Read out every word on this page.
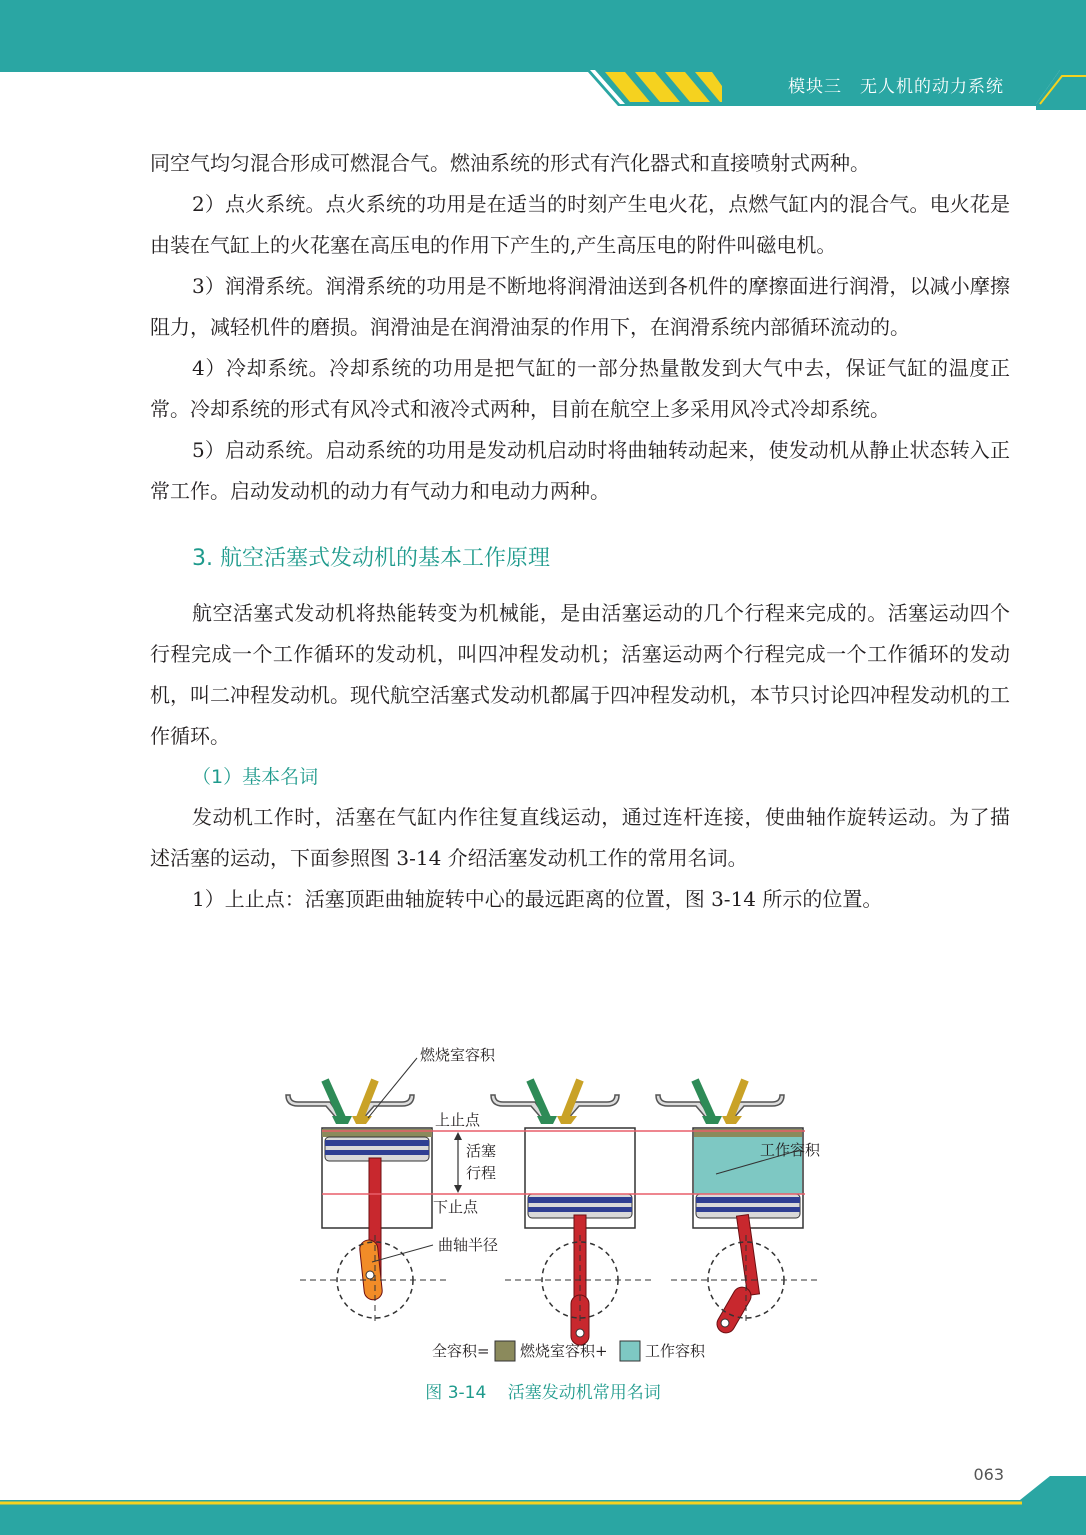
模块三　无人机的动力系统

同空气均匀混合形成可燃混合气。燃油系统的形式有汽化器式和直接喷射式两种。

2）点火系统。点火系统的功用是在适当的时刻产生电火花，点燃气缸内的混合气。电火花是由装在气缸上的火花塞在高压电的作用下产生的,产生高压电的附件叫磁电机。

3）润滑系统。润滑系统的功用是不断地将润滑油送到各机件的摩擦面进行润滑，以减小摩擦阻力，减轻机件的磨损。润滑油是在润滑油泵的作用下，在润滑系统内部循环流动的。

4）冷却系统。冷却系统的功用是把气缸的一部分热量散发到大气中去，保证气缸的温度正常。冷却系统的形式有风冷式和液冷式两种，目前在航空上多采用风冷式冷却系统。

5）启动系统。启动系统的功用是发动机启动时将曲轴转动起来，使发动机从静止状态转入正常工作。启动发动机的动力有气动力和电动力两种。

3. 航空活塞式发动机的基本工作原理

航空活塞式发动机将热能转变为机械能，是由活塞运动的几个行程来完成的。活塞运动四个行程完成一个工作循环的发动机，叫四冲程发动机；活塞运动两个行程完成一个工作循环的发动机，叫二冲程发动机。现代航空活塞式发动机都属于四冲程发动机，本节只讨论四冲程发动机的工作循环。

（1）基本名词

发动机工作时，活塞在气缸内作往复直线运动，通过连杆连接，使曲轴作旋转运动。为了描述活塞的运动，下面参照图 3-14 介绍活塞发动机工作的常用名词。

1）上止点：活塞顶距曲轴旋转中心的最远距离的位置，图 3-14 所示的位置。

燃烧室容积
上止点
活塞
行程
下止点
曲轴半径
工作容积
全容积= 燃烧室容积+ 工作容积
图 3-14 活塞发动机常用名词
063
